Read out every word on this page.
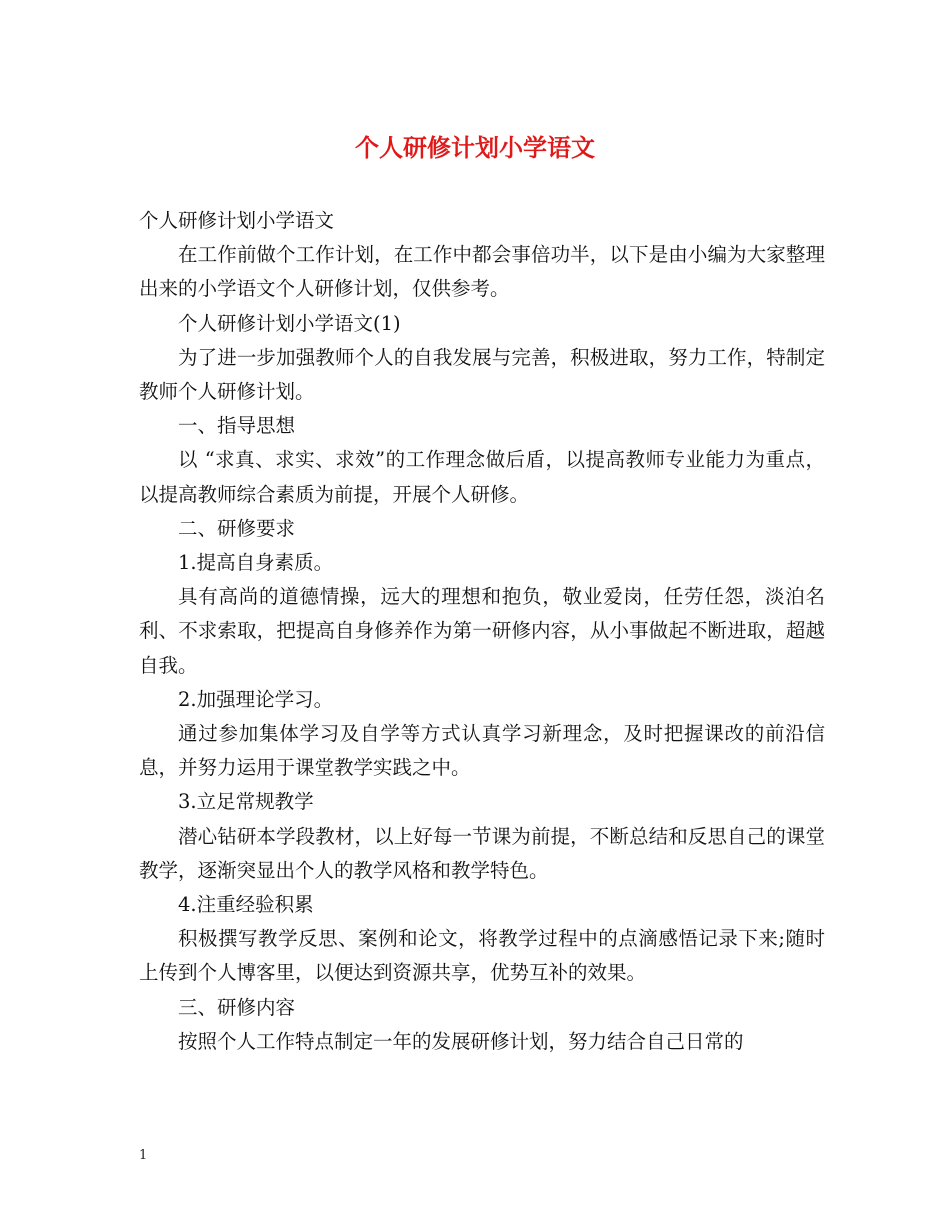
个人研修计划小学语文

个人研修计划小学语文

在工作前做个工作计划，在工作中都会事倍功半，以下是由小编为大家整理出来的小学语文个人研修计划，仅供参考。

个人研修计划小学语文(1)

为了进一步加强教师个人的自我发展与完善，积极进取，努力工作，特制定教师个人研修计划。

一、指导思想

以 “求真、求实、求效”的工作理念做后盾，以提高教师专业能力为重点，以提高教师综合素质为前提，开展个人研修。

二、研修要求

1.提高自身素质。

具有高尚的道德情操，远大的理想和抱负，敬业爱岗，任劳任怨，淡泊名利、不求索取，把提高自身修养作为第一研修内容，从小事做起不断进取，超越自我。

2.加强理论学习。

通过参加集体学习及自学等方式认真学习新理念，及时把握课改的前沿信息，并努力运用于课堂教学实践之中。

3.立足常规教学

潜心钻研本学段教材，以上好每一节课为前提，不断总结和反思自己的课堂教学，逐渐突显出个人的教学风格和教学特色。

4.注重经验积累

积极撰写教学反思、案例和论文，将教学过程中的点滴感悟记录下来;随时上传到个人博客里，以便达到资源共享，优势互补的效果。

三、研修内容

按照个人工作特点制定一年的发展研修计划，努力结合自己日常的

1
